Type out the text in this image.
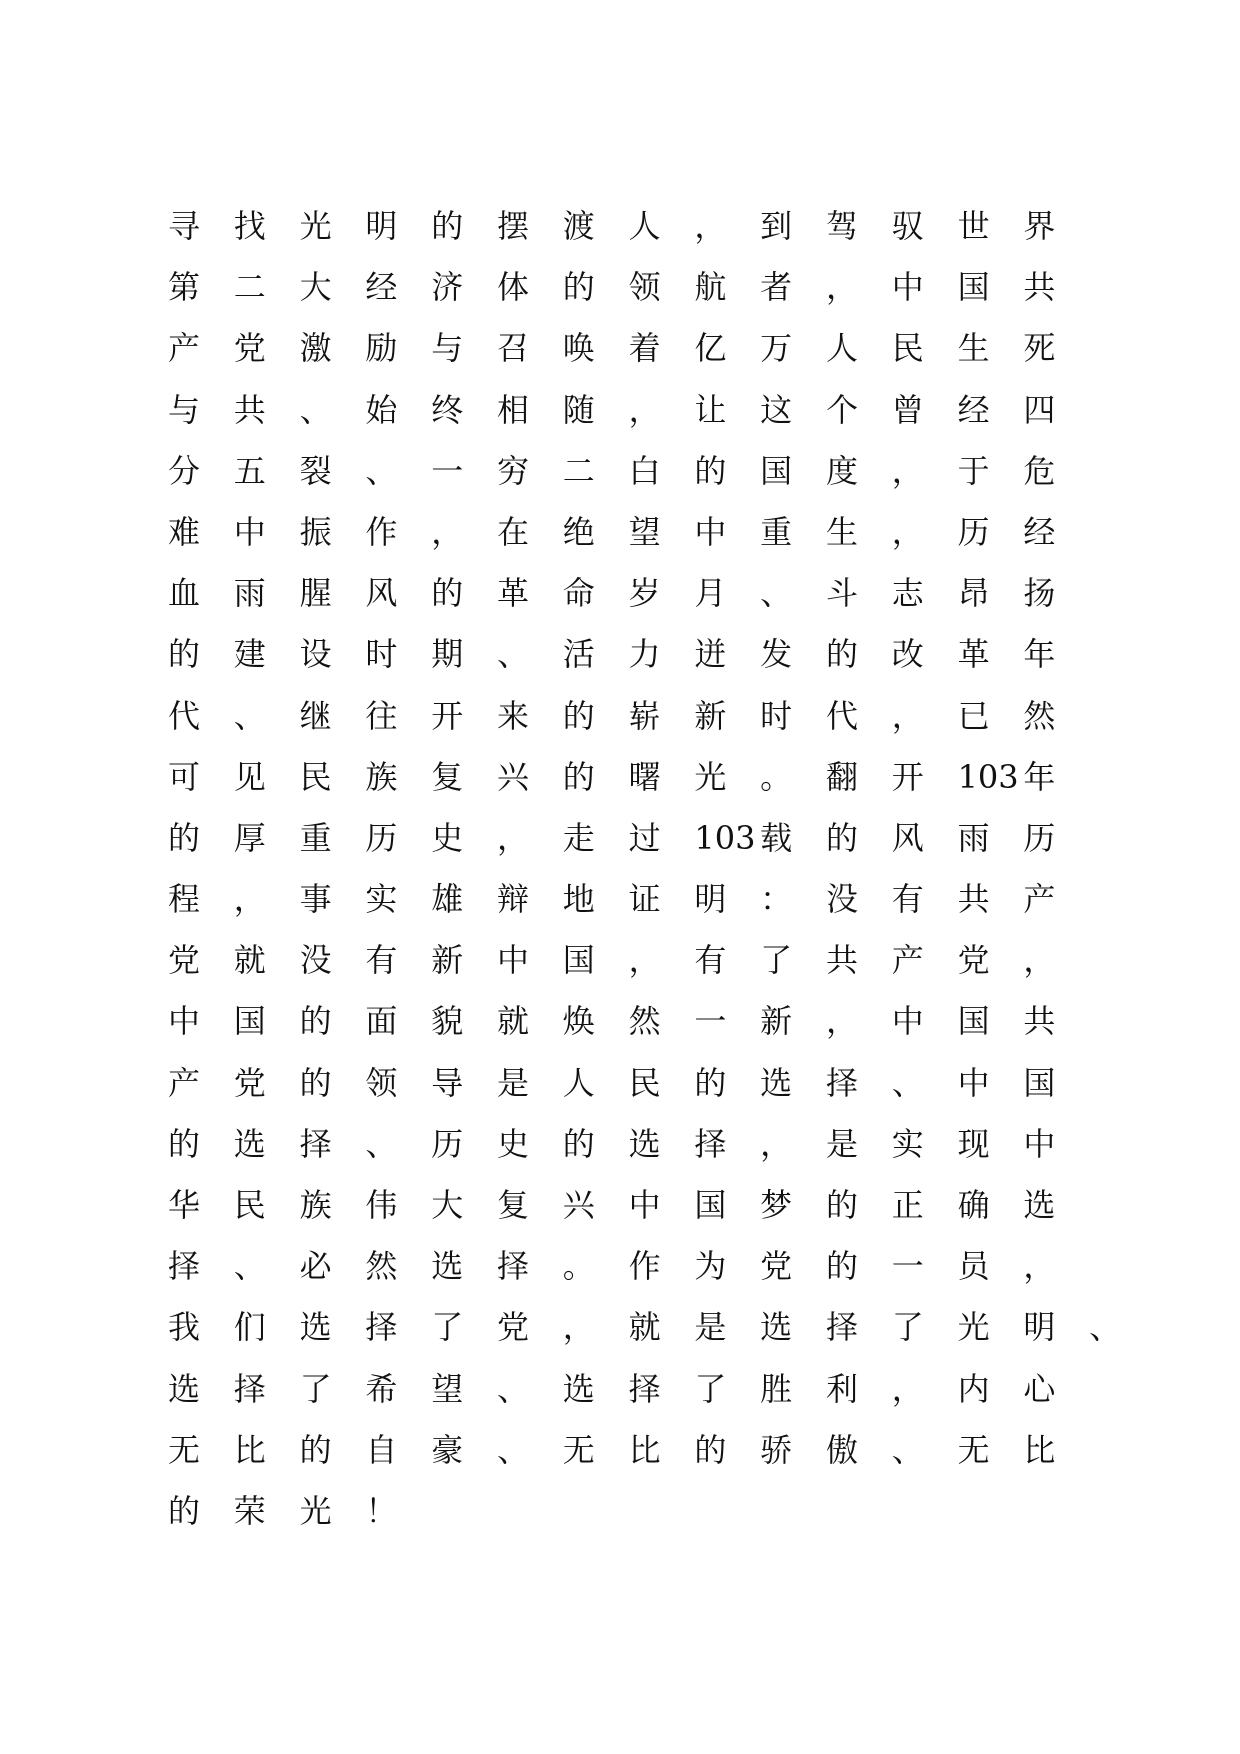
寻	找	光	明	的	摆	渡	人	，	到	驾	驭	世	界
第	二	大	经	济	体	的	领	航	者	，	中	国	共
产	党	激	励	与	召	唤	着	亿	万	人	民	生	死
与	共	、	始	终	相	随	，	让	这	个	曾	经	四
分	五	裂	、	一	穷	二	白	的	国	度	，	于	危
难	中	振	作	，	在	绝	望	中	重	生	，	历	经
血	雨	腥	风	的	革	命	岁	月	、	斗	志	昂	扬
的	建	设	时	期	、	活	力	迸	发	的	改	革	年
代	、	继	往	开	来	的	崭	新	时	代	，	已	然
可	见	民	族	复	兴	的	曙	光	。	翻	开	103 年
的	厚	重	历	史	，	走	过	103 载	的	风	雨	历
程	，	事	实	雄	辩	地	证	明	：	没	有	共	产
党	就	没	有	新	中	国	，	有	了	共	产	党	，
中	国	的	面	貌	就	焕	然	一	新	，	中	国	共
产	党	的	领	导	是	人	民	的	选	择	、	中	国
的	选	择	、	历	史	的	选	择	，	是	实	现	中
华	民	族	伟	大	复	兴	中	国	梦	的	正	确	选
择	、	必	然	选	择	。	作	为	党	的	一	员	，
我	们	选	择	了	党	，	就	是	选	择	了	光	明	、
选	择	了	希	望	、	选	择	了	胜	利	，	内	心
无	比	的	自	豪	、	无	比	的	骄	傲	、	无	比
的	荣	光	！
